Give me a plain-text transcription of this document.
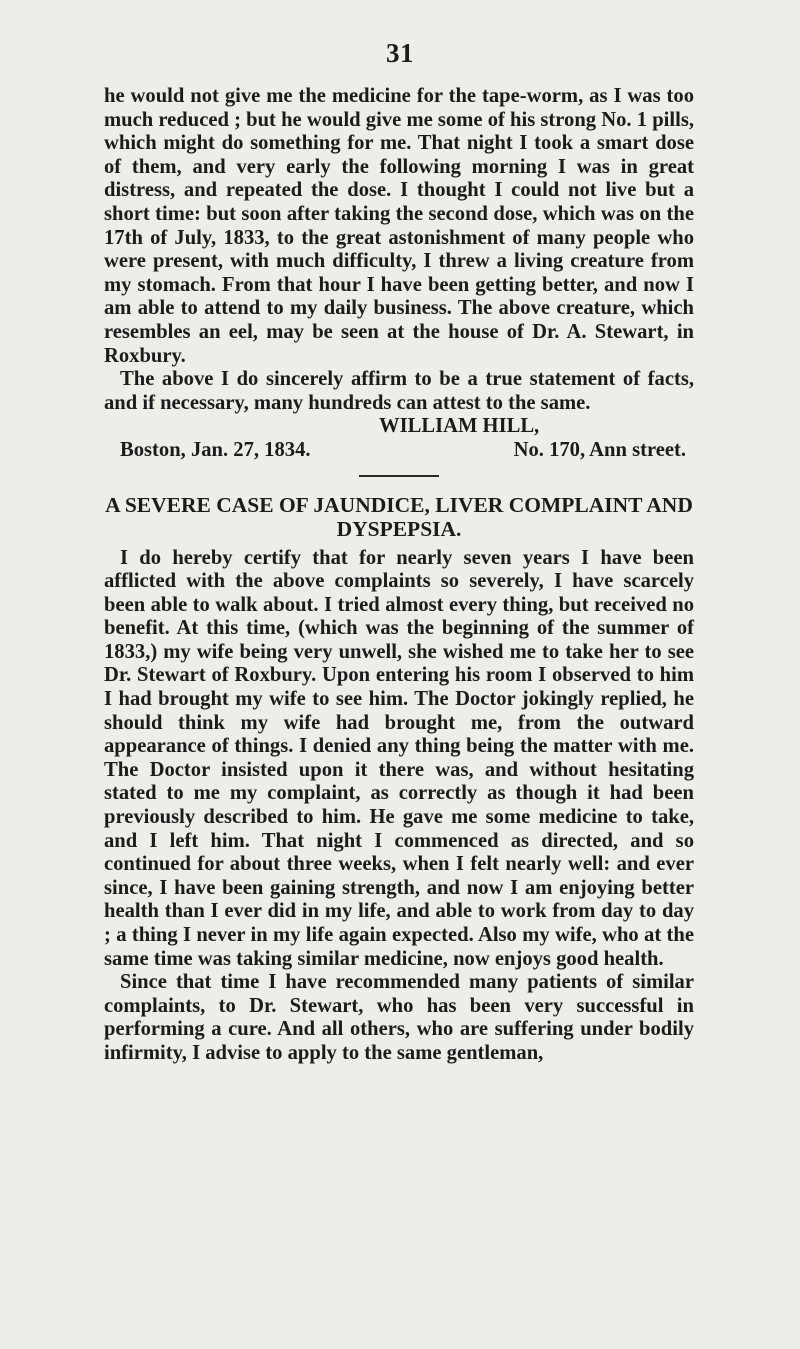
31

he would not give me the medicine for the tape-worm, as I was too much reduced ; but he would give me some of his strong No. 1 pills, which might do something for me. That night I took a smart dose of them, and very early the following morning I was in great distress, and repeated the dose. I thought I could not live but a short time: but soon after taking the second dose, which was on the 17th of July, 1833, to the great astonishment of many people who were present, with much difficulty, I threw a living creature from my stomach. From that hour I have been getting better, and now I am able to attend to my daily business. The above creature, which resembles an eel, may be seen at the house of Dr. A. Stewart, in Roxbury.

The above I do sincerely affirm to be a true statement of facts, and if necessary, many hundreds can attest to the same.

WILLIAM HILL,

Boston, Jan. 27, 1834.	No. 170, Ann street.
A SEVERE CASE OF JAUNDICE, LIVER COMPLAINT AND DYSPEPSIA.

I do hereby certify that for nearly seven years I have been afflicted with the above complaints so severely, I have scarcely been able to walk about. I tried almost every thing, but received no benefit. At this time, (which was the beginning of the summer of 1833,) my wife being very unwell, she wished me to take her to see Dr. Stewart of Roxbury. Upon entering his room I observed to him I had brought my wife to see him. The Doctor jokingly replied, he should think my wife had brought me, from the outward appearance of things. I denied any thing being the matter with me. The Doctor insisted upon it there was, and without hesitating stated to me my complaint, as correctly as though it had been previously described to him. He gave me some medicine to take, and I left him. That night I commenced as directed, and so continued for about three weeks, when I felt nearly well: and ever since, I have been gaining strength, and now I am enjoying better health than I ever did in my life, and able to work from day to day ; a thing I never in my life again expected. Also my wife, who at the same time was taking similar medicine, now enjoys good health.

Since that time I have recommended many patients of similar complaints, to Dr. Stewart, who has been very successful in performing a cure. And all others, who are suffering under bodily infirmity, I advise to apply to the same gentleman,
